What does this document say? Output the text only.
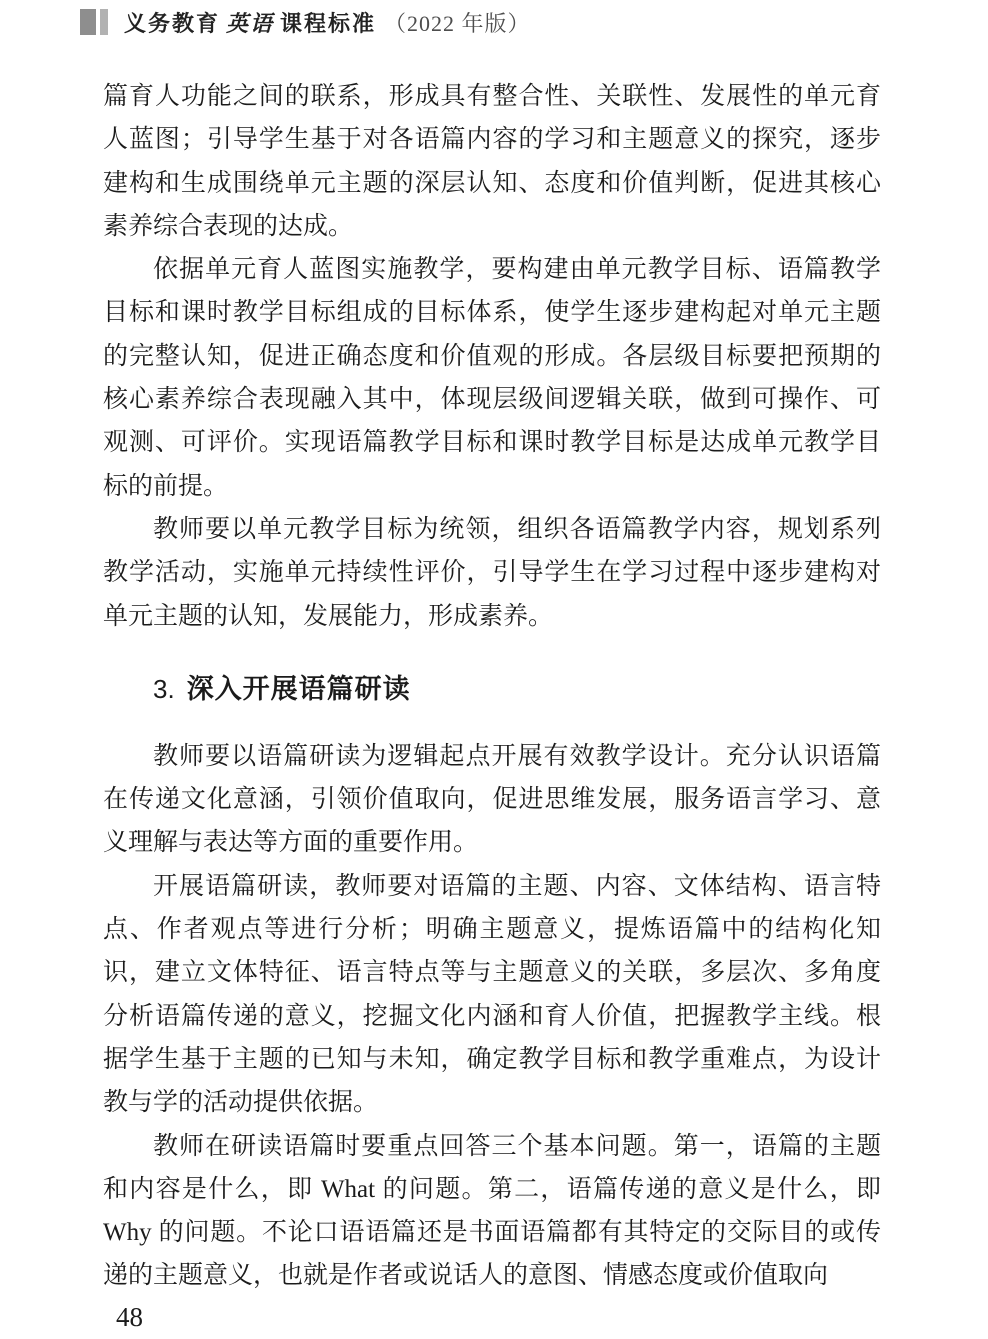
义务教育 英语 课程标准 （2022 年版）
篇育人功能之间的联系，形成具有整合性、关联性、发展性的单元育
人蓝图；引导学生基于对各语篇内容的学习和主题意义的探究，逐步
建构和生成围绕单元主题的深层认知、态度和价值判断，促进其核心
素养综合表现的达成。
依据单元育人蓝图实施教学，要构建由单元教学目标、语篇教学
目标和课时教学目标组成的目标体系，使学生逐步建构起对单元主题
的完整认知，促进正确态度和价值观的形成。各层级目标要把预期的
核心素养综合表现融入其中，体现层级间逻辑关联，做到可操作、可
观测、可评价。实现语篇教学目标和课时教学目标是达成单元教学目
标的前提。
教师要以单元教学目标为统领，组织各语篇教学内容，规划系列
教学活动，实施单元持续性评价，引导学生在学习过程中逐步建构对
单元主题的认知，发展能力，形成素养。
3. 深入开展语篇研读
教师要以语篇研读为逻辑起点开展有效教学设计。充分认识语篇
在传递文化意涵，引领价值取向，促进思维发展，服务语言学习、意
义理解与表达等方面的重要作用。
开展语篇研读，教师要对语篇的主题、内容、文体结构、语言特
点、作者观点等进行分析；明确主题意义，提炼语篇中的结构化知
识，建立文体特征、语言特点等与主题意义的关联，多层次、多角度
分析语篇传递的意义，挖掘文化内涵和育人价值，把握教学主线。根
据学生基于主题的已知与未知，确定教学目标和教学重难点，为设计
教与学的活动提供依据。
教师在研读语篇时要重点回答三个基本问题。第一，语篇的主题
和内容是什么，即 What 的问题。第二，语篇传递的意义是什么，即
Why 的问题。不论口语语篇还是书面语篇都有其特定的交际目的或传
递的主题意义，也就是作者或说话人的意图、情感态度或价值取向
48
